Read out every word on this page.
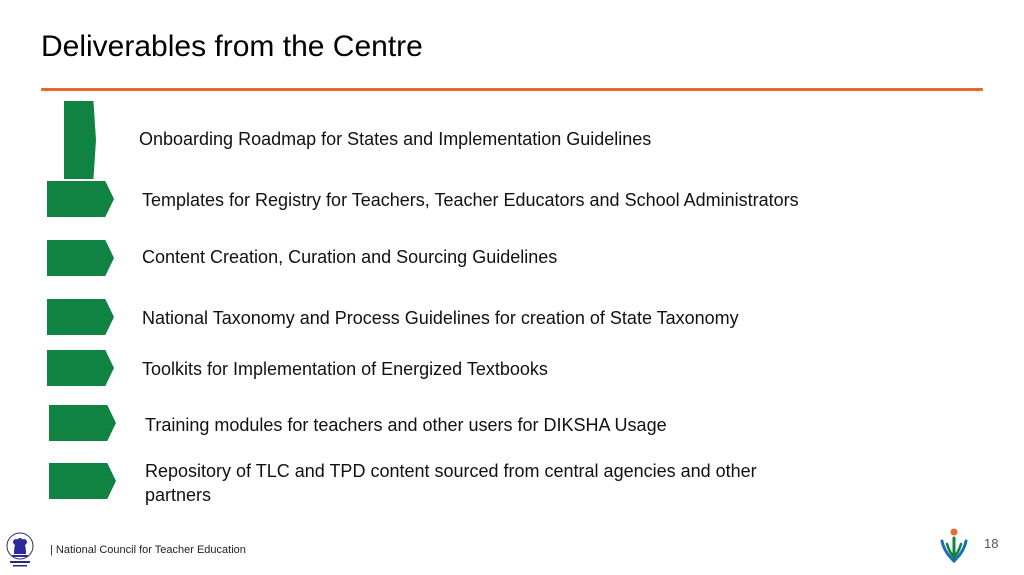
Deliverables from the Centre
Onboarding Roadmap for States and Implementation Guidelines
Templates for Registry for Teachers, Teacher Educators and School Administrators
Content Creation, Curation and Sourcing Guidelines
National Taxonomy and Process Guidelines for creation of State Taxonomy
Toolkits for Implementation of Energized Textbooks
Training modules for teachers and other users for DIKSHA Usage
Repository of TLC and TPD content sourced from central agencies and other partners
| National Council for Teacher Education	18
